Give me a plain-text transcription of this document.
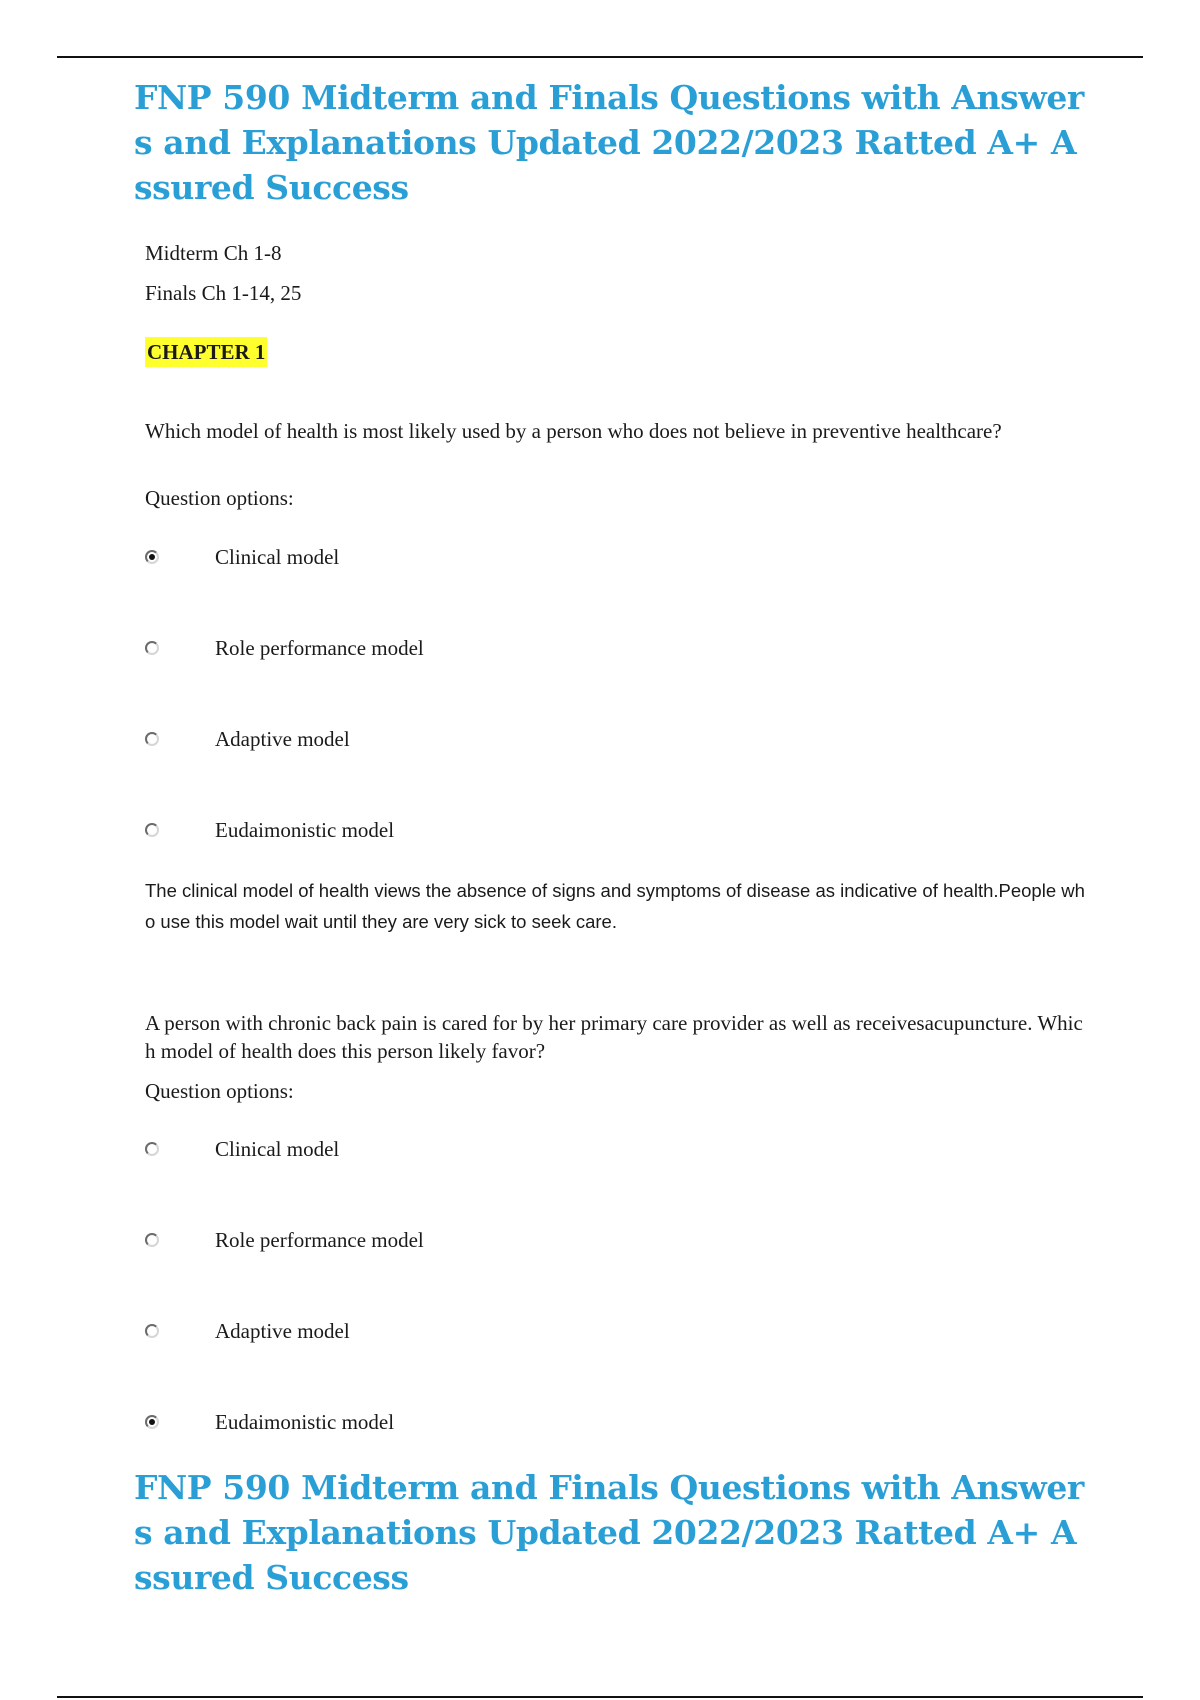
FNP 590 Midterm and Finals Questions with Answers and Explanations Updated 2022/2023 Ratted A+ Assured Success

Midterm Ch 1-8

Finals Ch 1-14, 25

CHAPTER 1

Which model of health is most likely used by a person who does not believe in preventive healthcare?

Question options:

Clinical model
Role performance model
Adaptive model
Eudaimonistic model

The clinical model of health views the absence of signs and symptoms of disease as indicative of health.People who use this model wait until they are very sick to seek care.

A person with chronic back pain is cared for by her primary care provider as well as receivesacupuncture. Which model of health does this person likely favor?

Question options:

Clinical model
Role performance model
Adaptive model
Eudaimonistic model
FNP 590 Midterm and Finals Questions with Answers and Explanations Updated 2022/2023 Ratted A+ Assured Success
